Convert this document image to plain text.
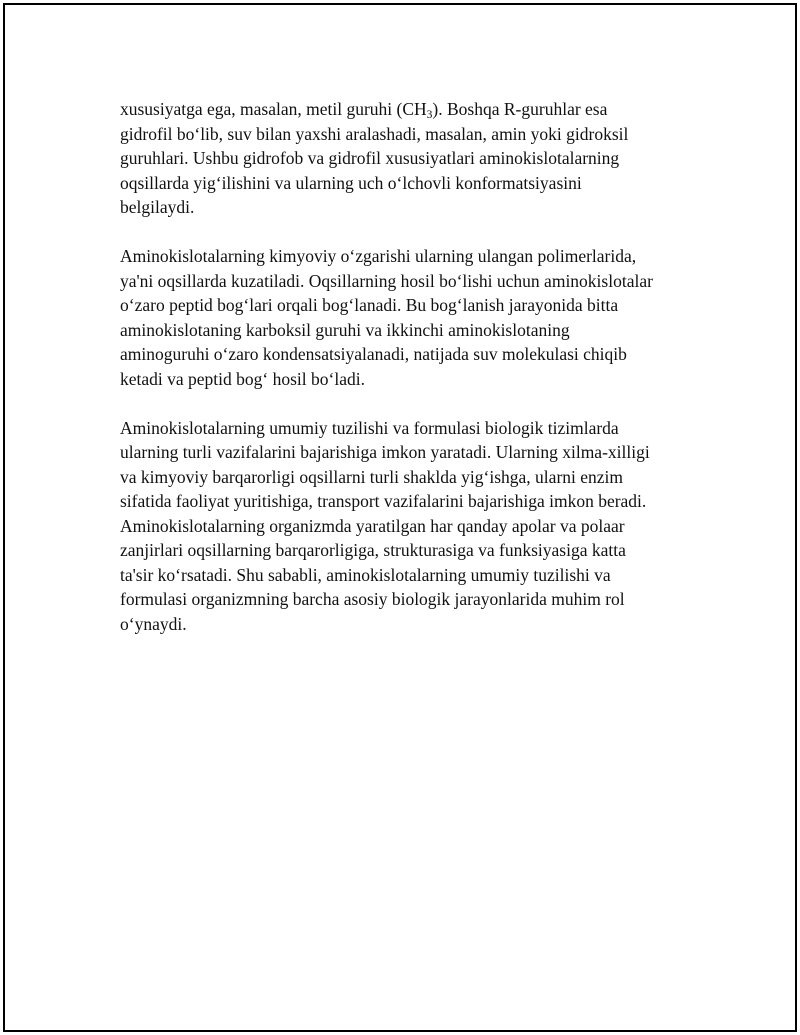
xususiyatga ega, masalan, metil guruhi $(CH_3)$. Boshqa R-guruhlar esa
gidrofil bo‘lib, suv bilan yaxshi aralashadi, masalan, amin yoki gidroksil
guruhlari. Ushbu gidrofob va gidrofil xususiyatlari aminokislotalarning
oqsillarda yig‘ilishini va ularning uch o‘lchovli konformatsiyasini
belgilaydi.

Aminokislotalarning kimyoviy o‘zgarishi ularning ulangan polimerlarida,
ya'ni oqsillarda kuzatiladi. Oqsillarning hosil bo‘lishi uchun aminokislotalar
o‘zaro peptid bog‘lari orqali bog‘lanadi. Bu bog‘lanish jarayonida bitta
aminokislotaning karboksil guruhi va ikkinchi aminokislotaning
aminoguruhi o‘zaro kondensatsiyalanadi, natijada suv molekulasi chiqib
ketadi va peptid bog‘ hosil bo‘ladi.

Aminokislotalarning umumiy tuzilishi va formulasi biologik tizimlarda
ularning turli vazifalarini bajarishiga imkon yaratadi. Ularning xilma-xilligi
va kimyoviy barqarorligi oqsillarni turli shaklda yig‘ishga, ularni enzim
sifatida faoliyat yuritishiga, transport vazifalarini bajarishiga imkon beradi.
Aminokislotalarning organizmda yaratilgan har qanday apolar va polaar
zanjirlari oqsillarning barqarorligiga, strukturasiga va funksiyasiga katta
ta'sir ko‘rsatadi. Shu sababli, aminokislotalarning umumiy tuzilishi va
formulasi organizmning barcha asosiy biologik jarayonlarida muhim rol
o‘ynaydi.
